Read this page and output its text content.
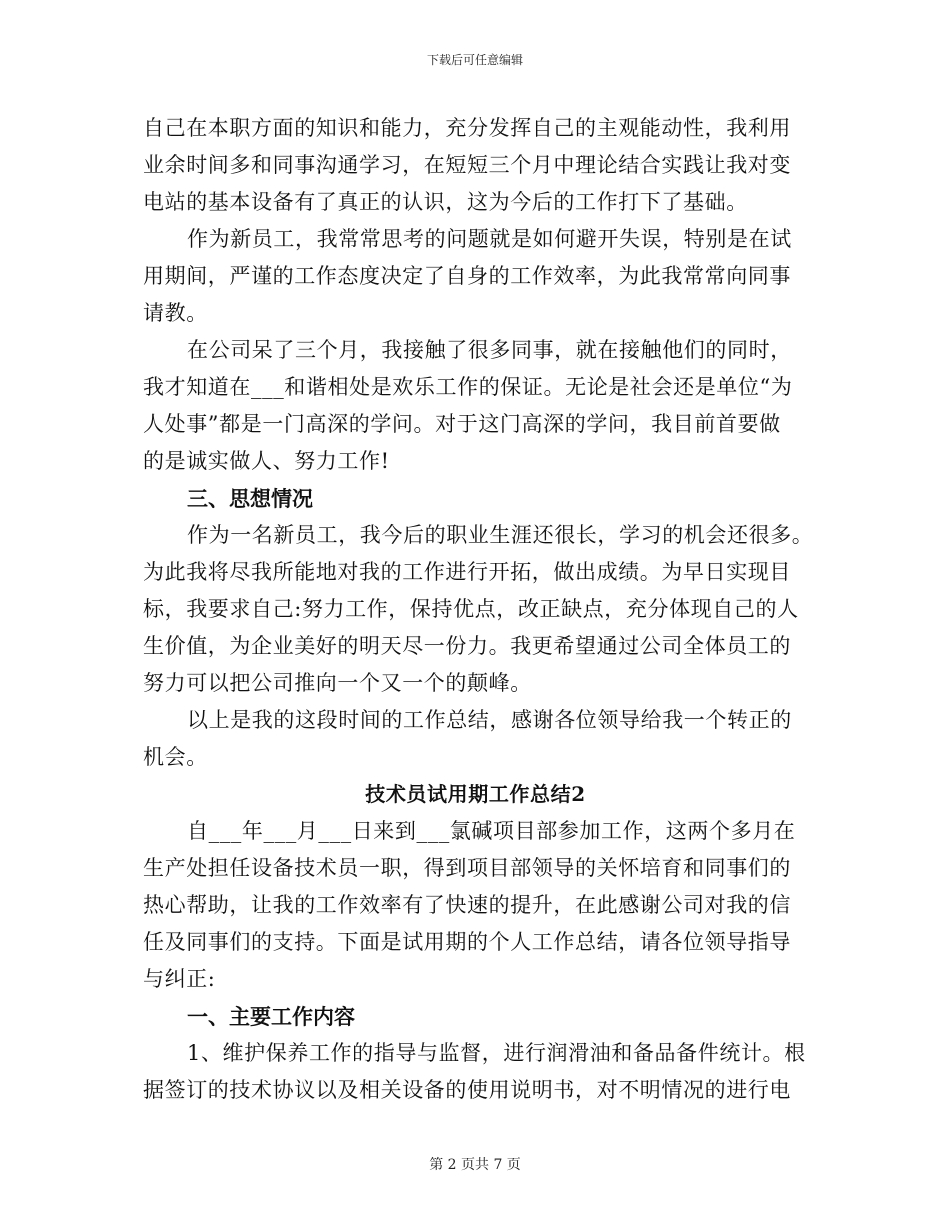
下载后可任意编辑
自己在本职方面的知识和能力，充分发挥自己的主观能动性，我利用
业余时间多和同事沟通学习，在短短三个月中理论结合实践让我对变
电站的基本设备有了真正的认识，这为今后的工作打下了基础。
作为新员工，我常常思考的问题就是如何避开失误，特别是在试
用期间，严谨的工作态度决定了自身的工作效率，为此我常常向同事
请教。
在公司呆了三个月，我接触了很多同事，就在接触他们的同时，
我才知道在___和谐相处是欢乐工作的保证。无论是社会还是单位“为
人处事”都是一门高深的学问。对于这门高深的学问，我目前首要做
的是诚实做人、努力工作!
三、思想情况
作为一名新员工，我今后的职业生涯还很长，学习的机会还很多。
为此我将尽我所能地对我的工作进行开拓，做出成绩。为早日实现目
标，我要求自己:努力工作，保持优点，改正缺点，充分体现自己的人
生价值，为企业美好的明天尽一份力。我更希望通过公司全体员工的
努力可以把公司推向一个又一个的颠峰。
以上是我的这段时间的工作总结，感谢各位领导给我一个转正的
机会。
技术员试用期工作总结2
自___年___月___日来到___氯碱项目部参加工作，这两个多月在
生产处担任设备技术员一职，得到项目部领导的关怀培育和同事们的
热心帮助，让我的工作效率有了快速的提升，在此感谢公司对我的信
任及同事们的支持。下面是试用期的个人工作总结，请各位领导指导
与纠正:
一、主要工作内容
1、维护保养工作的指导与监督，进行润滑油和备品备件统计。根
据签订的技术协议以及相关设备的使用说明书，对不明情况的进行电
第 2 页共 7 页
